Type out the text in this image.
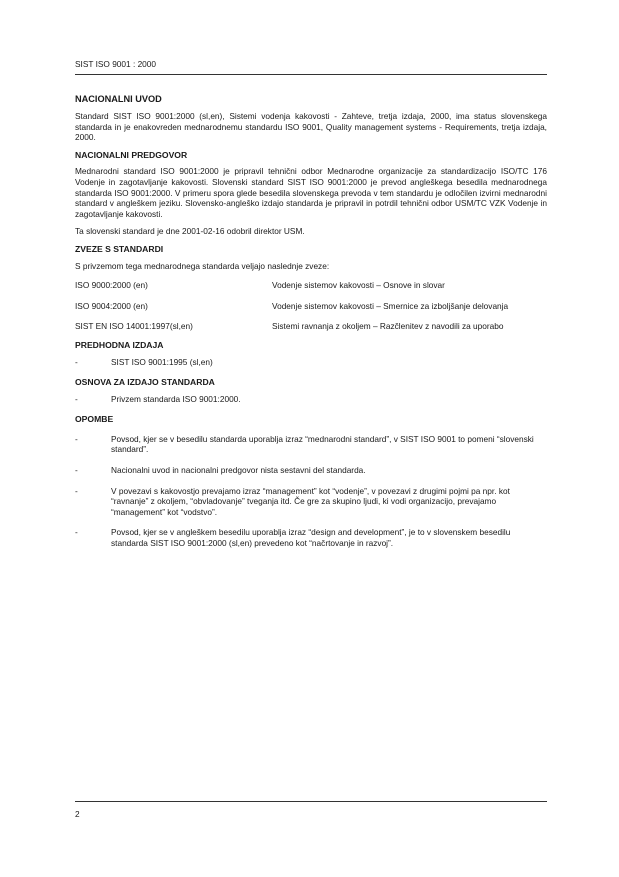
SIST ISO 9001 : 2000
NACIONALNI UVOD

Standard SIST ISO 9001:2000 (sl,en), Sistemi vodenja kakovosti - Zahteve, tretja izdaja, 2000, ima status slovenskega standarda in je enakovreden mednarodnemu standardu ISO 9001, Quality management systems - Requirements, tretja izdaja, 2000.

NACIONALNI PREDGOVOR

Mednarodni standard ISO 9001:2000 je pripravil tehnični odbor Mednarodne organizacije za standardizacijo ISO/TC 176 Vodenje in zagotavljanje kakovosti. Slovenski standard SIST ISO 9001:2000 je prevod angleškega besedila mednarodnega standarda ISO 9001:2000. V primeru spora glede besedila slovenskega prevoda v tem standardu je odločilen izvirni mednarodni standard v angleškem jeziku. Slovensko-angleško izdajo standarda je pripravil in potrdil tehnični odbor USM/TC VZK Vodenje in zagotavljanje kakovosti.

Ta slovenski standard je dne 2001-02-16 odobril direktor USM.

ZVEZE S STANDARDI

S privzemom tega mednarodnega standarda veljajo naslednje zveze:

ISO 9000:2000 (en)	Vodenje sistemov kakovosti – Osnove in slovar
ISO 9004:2000 (en)	Vodenje sistemov kakovosti – Smernice za izboljšanje delovanja
SIST EN ISO 14001:1997(sl,en)	Sistemi ravnanja z okoljem – Razčlenitev z navodili za uporabo
PREDHODNA IZDAJA
-	SIST ISO 9001:1995 (sl,en)
OSNOVA ZA IZDAJO STANDARDA
-	Privzem standarda ISO 9001:2000.
OPOMBE
-	Povsod, kjer se v besedilu standarda uporablja izraz “mednarodni standard”, v SIST ISO 9001 to pomeni “slovenski standard”.
-	Nacionalni uvod in nacionalni predgovor nista sestavni del standarda.
-	V povezavi s kakovostjo prevajamo izraz “management” kot “vodenje”, v povezavi z drugimi pojmi pa npr. kot “ravnanje” z okoljem, “obvladovanje” tveganja itd. Če gre za skupino ljudi, ki vodi organizacijo, prevajamo “management” kot “vodstvo”.
-	Povsod, kjer se v angleškem besedilu uporablja izraz “design and development”, je to v slovenskem besedilu standarda SIST ISO 9001:2000 (sl,en) prevedeno kot “načrtovanje in razvoj”.
2
